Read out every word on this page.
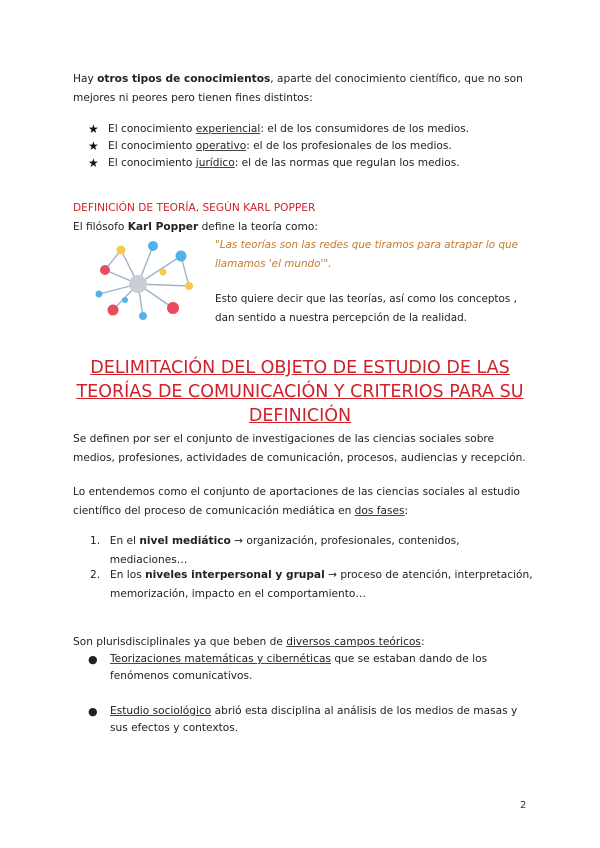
Hay otros tipos de conocimientos, aparte del conocimiento científico, que no son
mejores ni peores pero tienen fines distintos:
★ El conocimiento experiencial: el de los consumidores de los medios.
★ El conocimiento operativo: el de los profesionales de los medios.
★ El conocimiento jurídico: el de las normas que regulan los medios.
DEFINICIÓN DE TEORÍA, SEGÚN KARL POPPER
El filósofo Karl Popper define la teoría como:
"Las teorías son las redes que tiramos para atrapar lo que
llamamos 'el mundo'".
Esto quiere decir que las teorías, así como los conceptos ,
dan sentido a nuestra percepción de la realidad.
DELIMITACIÓN DEL OBJETO DE ESTUDIO DE LAS
TEORÍAS DE COMUNICACIÓN Y CRITERIOS PARA SU
DEFINICIÓN
Se definen por ser el conjunto de investigaciones de las ciencias sociales sobre
medios, profesiones, actividades de comunicación, procesos, audiencias y recepción.
Lo entendemos como el conjunto de aportaciones de las ciencias sociales al estudio
científico del proceso de comunicación mediática en dos fases:
1. En el nivel mediático → organización, profesionales, contenidos, mediaciones…
2. En los niveles interpersonal y grupal → proceso de atención, interpretación,
memorización, impacto en el comportamiento…
Son plurisdisciplinales ya que beben de diversos campos teóricos:
●	Teorizaciones matemáticas y cibernéticas que se estaban dando de los
fenómenos comunicativos.
●	Estudio sociológico abrió esta disciplina al análisis de los medios de masas y
sus efectos y contextos.
2
